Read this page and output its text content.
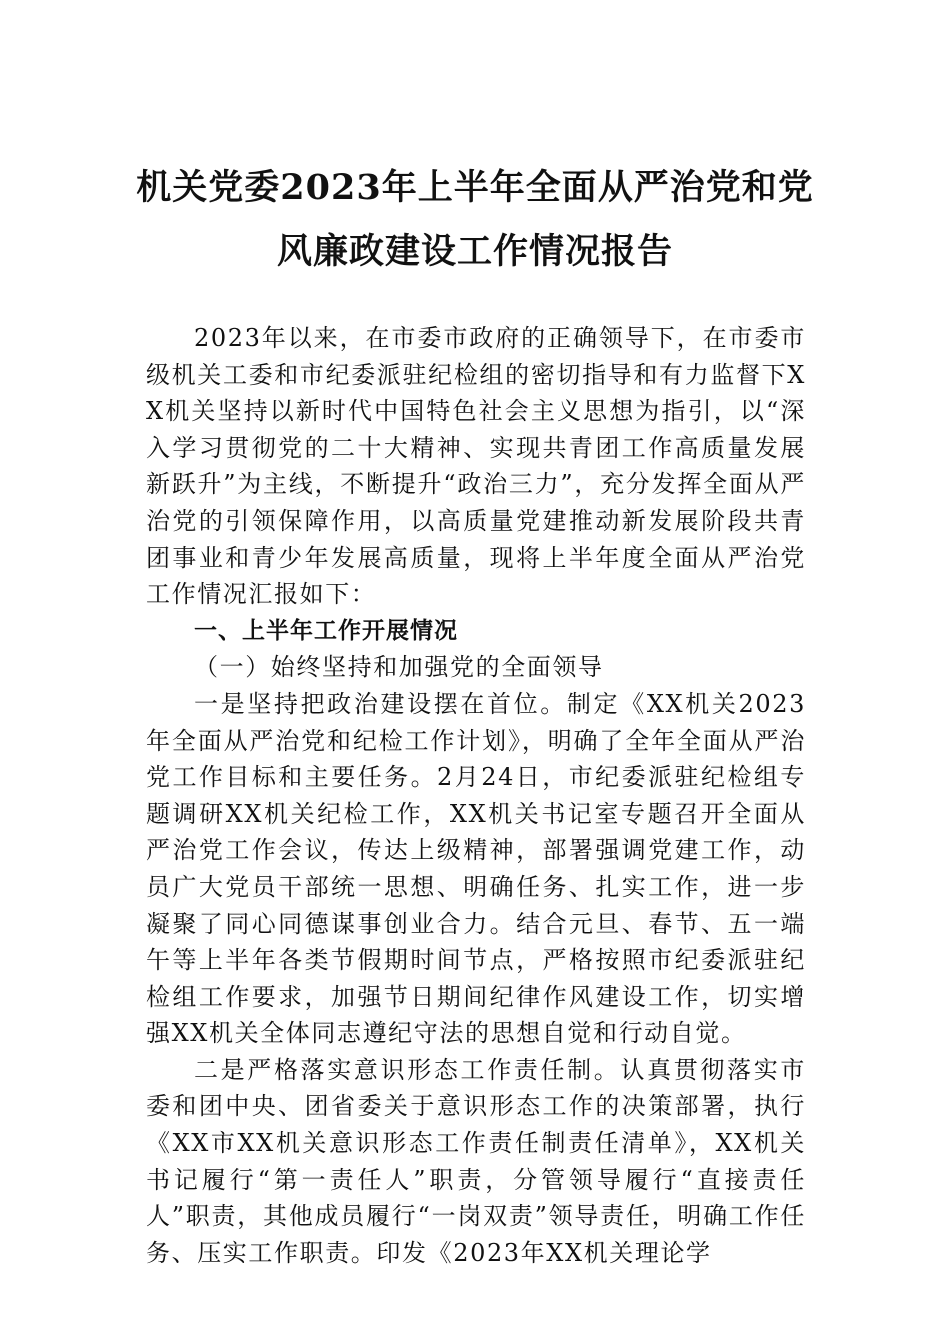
机关党委2023年上半年全面从严治党和党
风廉政建设工作情况报告

2023年以来，在市委市政府的正确领导下，在市委市级机关工委和市纪委派驻纪检组的密切指导和有力监督下XX机关坚持以新时代中国特色社会主义思想为指引，以“深入学习贯彻党的二十大精神、实现共青团工作高质量发展新跃升”为主线，不断提升“政治三力”，充分发挥全面从严治党的引领保障作用，以高质量党建推动新发展阶段共青团事业和青少年发展高质量，现将上半年度全面从严治党工作情况汇报如下：

一、上半年工作开展情况
（一）始终坚持和加强党的全面领导

一是坚持把政治建设摆在首位。制定《XX机关2023年全面从严治党和纪检工作计划》，明确了全年全面从严治党工作目标和主要任务。2月24日，市纪委派驻纪检组专题调研XX机关纪检工作，XX机关书记室专题召开全面从严治党工作会议，传达上级精神，部署强调党建工作，动员广大党员干部统一思想、明确任务、扎实工作，进一步凝聚了同心同德谋事创业合力。结合元旦、春节、五一端午等上半年各类节假期时间节点，严格按照市纪委派驻纪检组工作要求，加强节日期间纪律作风建设工作，切实增强XX机关全体同志遵纪守法的思想自觉和行动自觉。

二是严格落实意识形态工作责任制。认真贯彻落实市委和团中央、团省委关于意识形态工作的决策部署，执行《XX市XX机关意识形态工作责任制责任清单》，XX机关书记履行“第一责任人”职责，分管领导履行“直接责任人”职责，其他成员履行“一岗双责”领导责任，明确工作任务、压实工作职责。印发《2023年XX机关理论学
